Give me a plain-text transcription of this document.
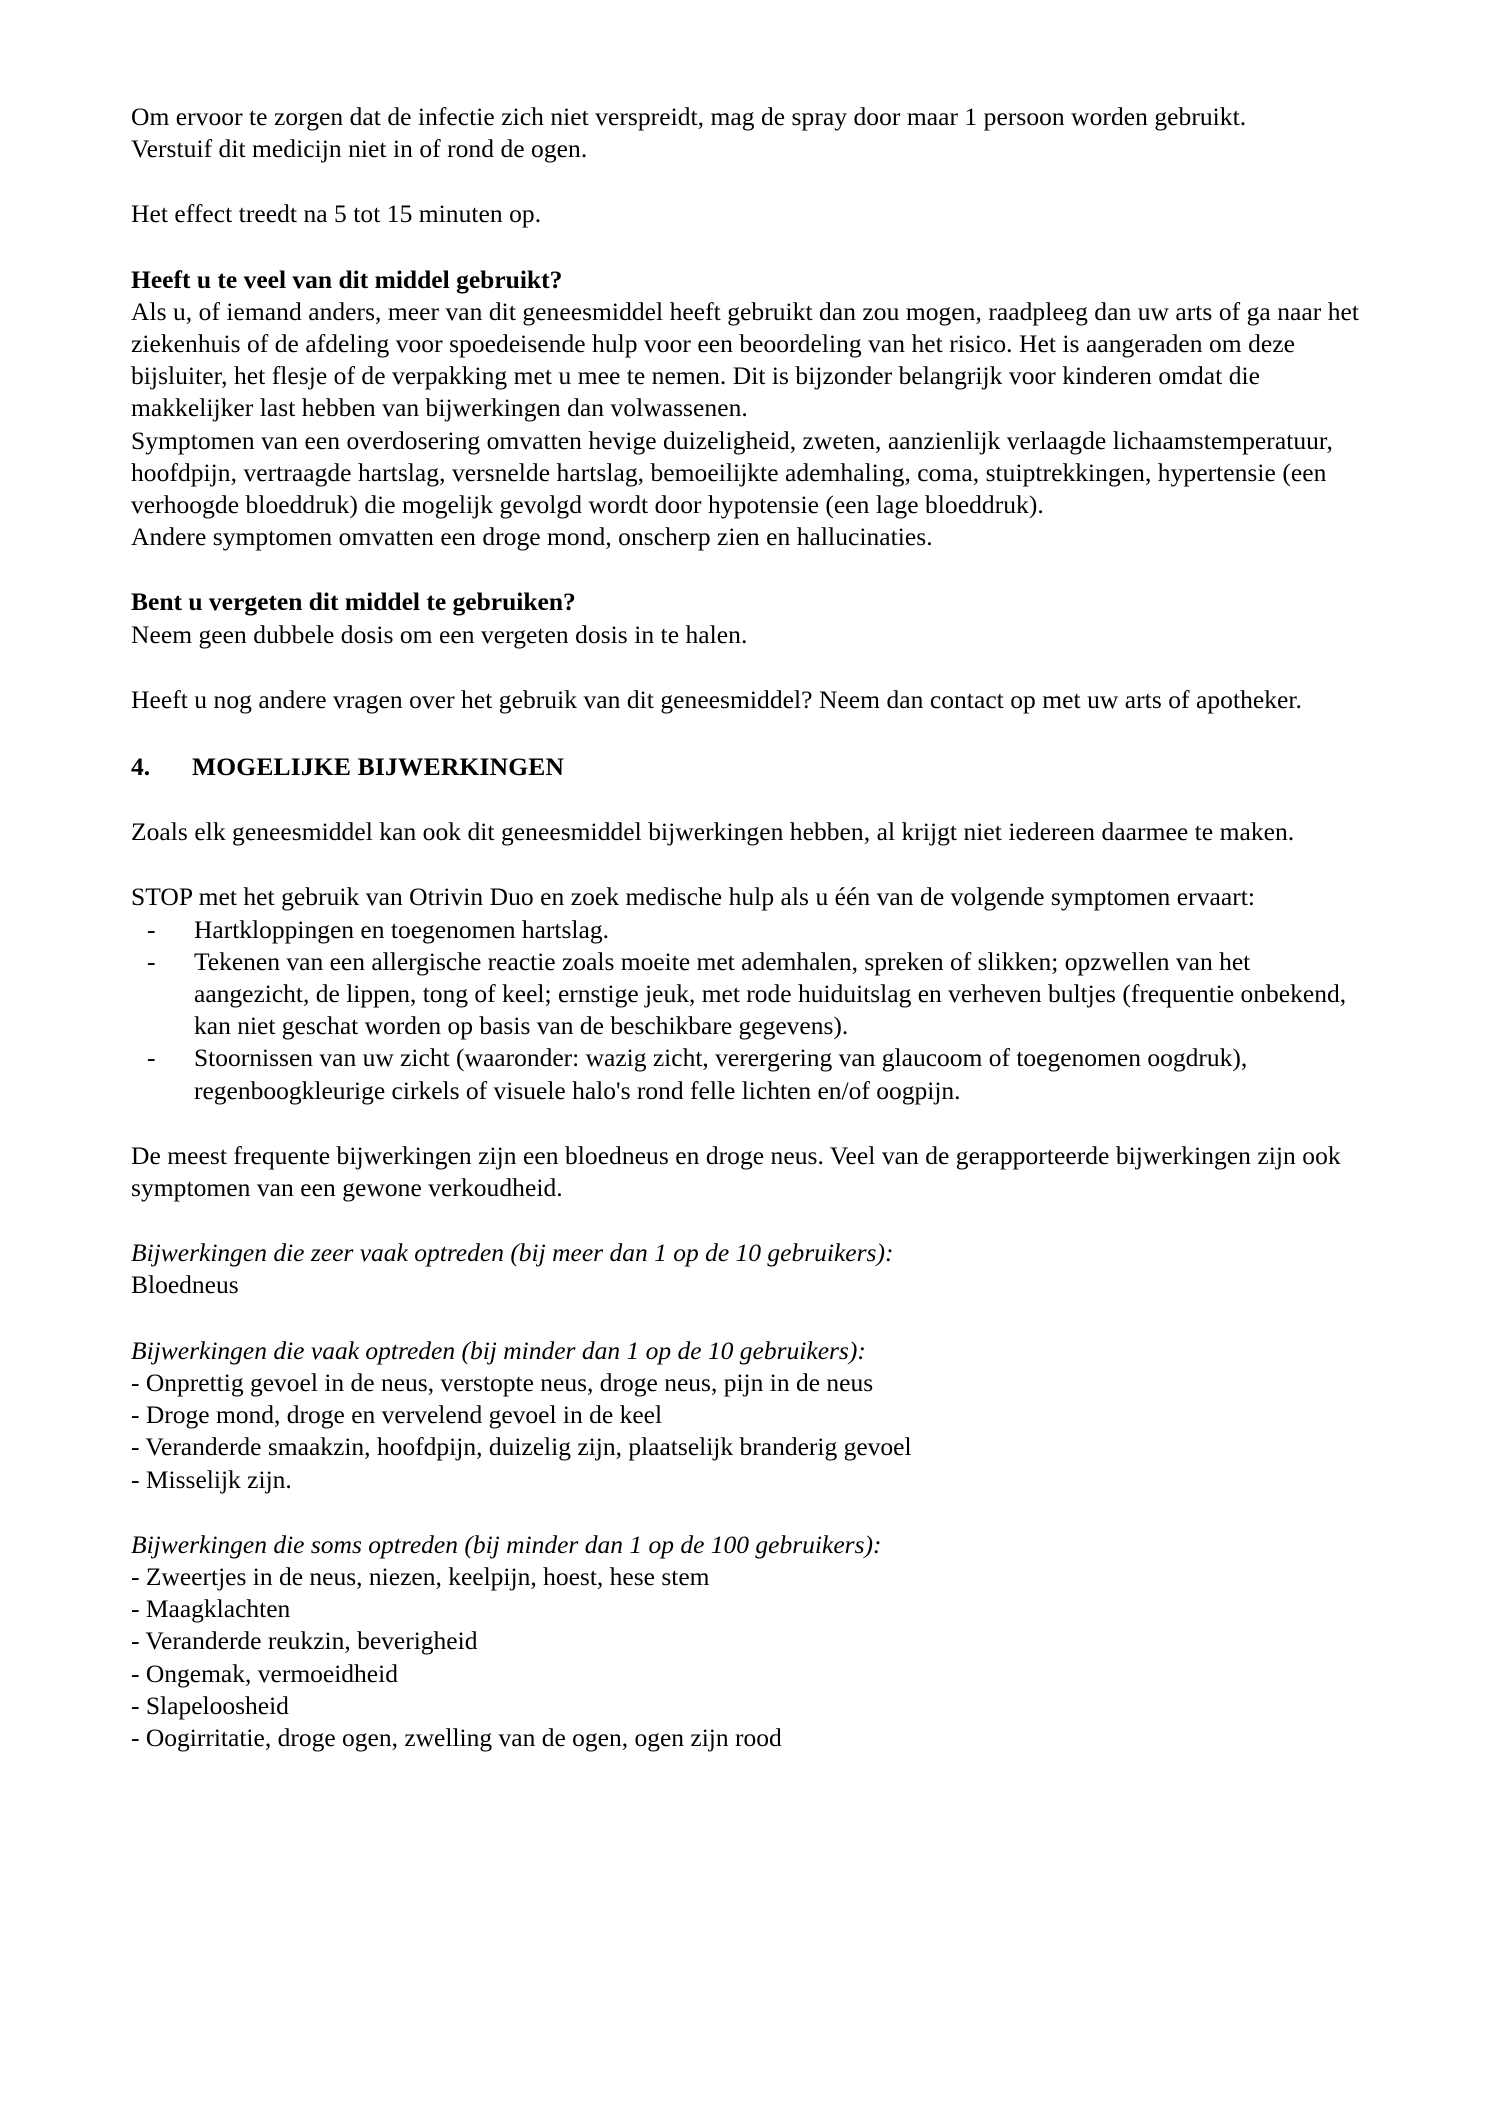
Om ervoor te zorgen dat de infectie zich niet verspreidt, mag de spray door maar 1 persoon worden gebruikt.

Verstuif dit medicijn niet in of rond de ogen.

Het effect treedt na 5 tot 15 minuten op.

Heeft u te veel van dit middel gebruikt?

Als u, of iemand anders, meer van dit geneesmiddel heeft gebruikt dan zou mogen, raadpleeg dan uw arts of ga naar het ziekenhuis of de afdeling voor spoedeisende hulp voor een beoordeling van het risico. Het is aangeraden om deze bijsluiter, het flesje of de verpakking met u mee te nemen. Dit is bijzonder belangrijk voor kinderen omdat die makkelijker last hebben van bijwerkingen dan volwassenen.

Symptomen van een overdosering omvatten hevige duizeligheid, zweten, aanzienlijk verlaagde lichaamstemperatuur, hoofdpijn, vertraagde hartslag, versnelde hartslag, bemoeilijkte ademhaling, coma, stuiptrekkingen, hypertensie (een verhoogde bloeddruk) die mogelijk gevolgd wordt door hypotensie (een lage bloeddruk).

Andere symptomen omvatten een droge mond, onscherp zien en hallucinaties.

Bent u vergeten dit middel te gebruiken?

Neem geen dubbele dosis om een vergeten dosis in te halen.

Heeft u nog andere vragen over het gebruik van dit geneesmiddel? Neem dan contact op met uw arts of apotheker.

4.	MOGELIJKE BIJWERKINGEN

Zoals elk geneesmiddel kan ook dit geneesmiddel bijwerkingen hebben, al krijgt niet iedereen daarmee te maken.

STOP met het gebruik van Otrivin Duo en zoek medische hulp als u één van de volgende symptomen ervaart:

- Hartkloppingen en toegenomen hartslag.
- Tekenen van een allergische reactie zoals moeite met ademhalen, spreken of slikken; opzwellen van het aangezicht, de lippen, tong of keel; ernstige jeuk, met rode huiduitslag en verheven bultjes (frequentie onbekend, kan niet geschat worden op basis van de beschikbare gegevens).
- Stoornissen van uw zicht (waaronder: wazig zicht, verergering van glaucoom of toegenomen oogdruk), regenboogkleurige cirkels of visuele halo's rond felle lichten en/of oogpijn.

De meest frequente bijwerkingen zijn een bloedneus en droge neus. Veel van de gerapporteerde bijwerkingen zijn ook symptomen van een gewone verkoudheid.

Bijwerkingen die zeer vaak optreden (bij meer dan 1 op de 10 gebruikers):

Bloedneus

Bijwerkingen die vaak optreden (bij minder dan 1 op de 10 gebruikers):

- Onprettig gevoel in de neus, verstopte neus, droge neus, pijn in de neus
- Droge mond, droge en vervelend gevoel in de keel
- Veranderde smaakzin, hoofdpijn, duizelig zijn, plaatselijk branderig gevoel
- Misselijk zijn.

Bijwerkingen die soms optreden (bij minder dan 1 op de 100 gebruikers):

- Zweertjes in de neus, niezen, keelpijn, hoest, hese stem
- Maagklachten
- Veranderde reukzin, beverigheid
- Ongemak, vermoeidheid
- Slapeloosheid
- Oogirritatie, droge ogen, zwelling van de ogen, ogen zijn rood
